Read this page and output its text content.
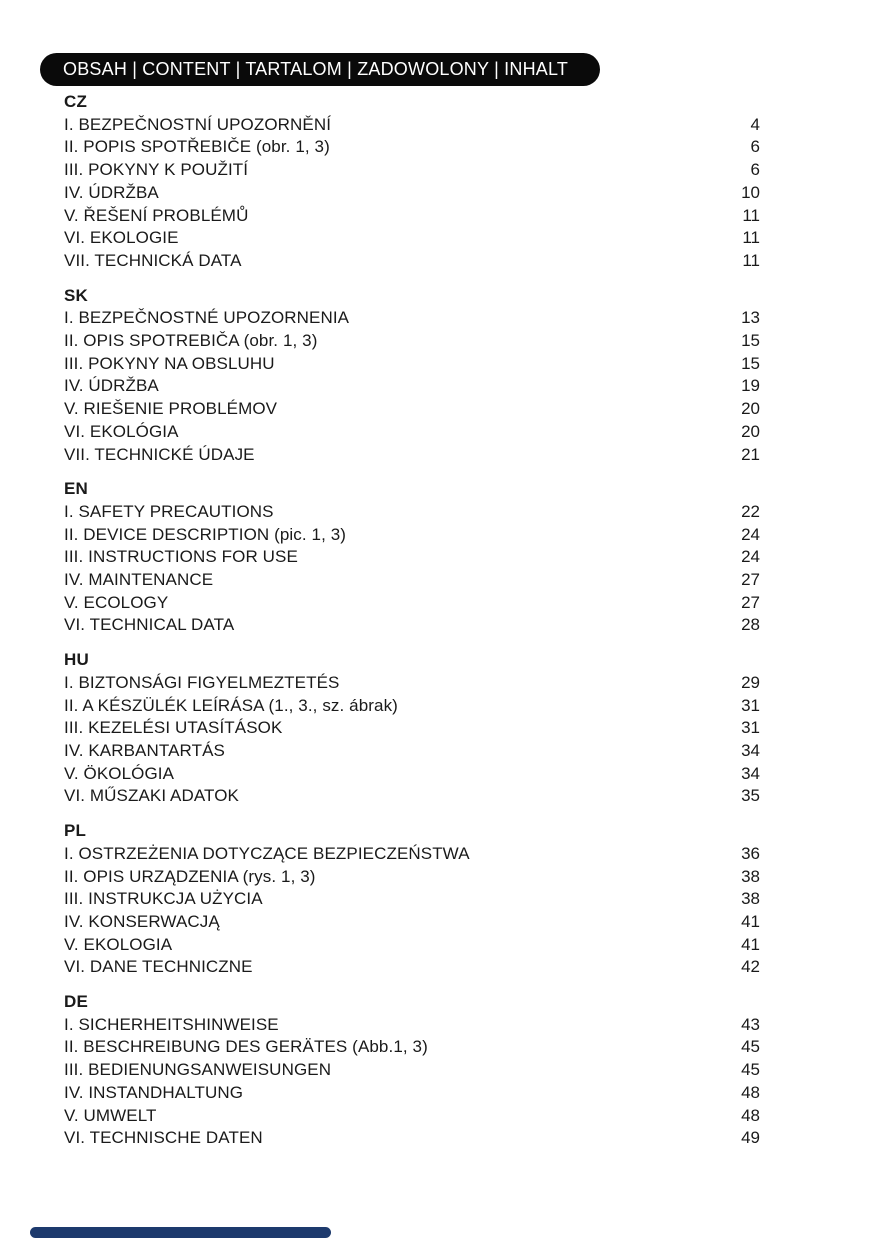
OBSAH | CONTENT | TARTALOM | ZADOWOLONY | INHALT
CZ
I. BEZPEČNOSTNÍ UPOZORNĚNÍ	4
II. POPIS SPOTŘEBIČE (obr. 1, 3)	6
III. POKYNY K POUŽITÍ	6
IV. ÚDRŽBA	10
V. ŘEŠENÍ PROBLÉMŮ	11
VI. EKOLOGIE	11
VII. TECHNICKÁ DATA	11
SK
I. BEZPEČNOSTNÉ UPOZORNENIA	13
II. OPIS SPOTREBIČA (obr. 1, 3)	15
III. POKYNY NA OBSLUHU	15
IV. ÚDRŽBA	19
V. RIEŠENIE PROBLÉMOV	20
VI. EKOLÓGIA	20
VII. TECHNICKÉ ÚDAJE	21
EN
I. SAFETY PRECAUTIONS	22
II. DEVICE DESCRIPTION (pic. 1, 3)	24
III. INSTRUCTIONS FOR USE	24
IV. MAINTENANCE	27
V. ECOLOGY	27
VI. TECHNICAL DATA	28
HU
I. BIZTONSÁGI FIGYELMEZTETÉS	29
II. A KÉSZÜLÉK LEÍRÁSA (1., 3., sz. ábrak)	31
III. KEZELÉSI UTASÍTÁSOK	31
IV. KARBANTARTÁS	34
V. ÖKOLÓGIA	34
VI. MŰSZAKI ADATOK	35
PL
I. OSTRZEŻENIA DOTYCZĄCE BEZPIECZEŃSTWA	36
II. OPIS URZĄDZENIA (rys. 1, 3)	38
III. INSTRUKCJA UŻYCIA	38
IV. KONSERWACJĄ	41
V. EKOLOGIA	41
VI. DANE TECHNICZNE	42
DE
I. SICHERHEITSHINWEISE	43
II. BESCHREIBUNG DES GERÄTES (Abb.1, 3)	45
III. BEDIENUNGSANWEISUNGEN	45
IV. INSTANDHALTUNG	48
V. UMWELT	48
VI. TECHNISCHE DATEN	49
